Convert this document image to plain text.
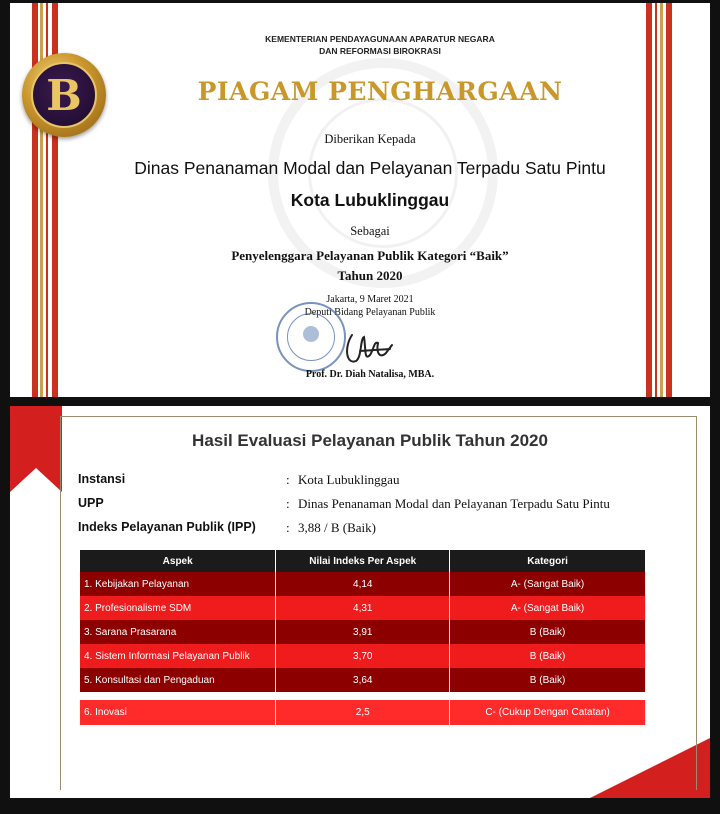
B
KEMENTERIAN PENDAYAGUNAAN APARATUR NEGARA
DAN REFORMASI BIROKRASI
PIAGAM PENGHARGAAN
Diberikan Kepada
Dinas Penanaman Modal dan Pelayanan Terpadu Satu Pintu
Kota Lubuklinggau
Sebagai
Penyelenggara Pelayanan Publik Kategori “Baik”
Tahun 2020
Jakarta, 9 Maret 2021
Deputi Bidang Pelayanan Publik
Prof. Dr. Diah Natalisa, MBA.
Hasil Evaluasi Pelayanan Publik Tahun 2020
Instansi	: Kota Lubuklinggau
UPP	: Dinas Penanaman Modal dan Pelayanan Terpadu Satu Pintu
Indeks Pelayanan Publik (IPP) : 3,88 / B (Baik)
Aspek	Nilai Indeks Per Aspek	Kategori
1. Kebijakan Pelayanan	4,14	A- (Sangat Baik)
2. Profesionalisme SDM	4,31	A- (Sangat Baik)
3. Sarana Prasarana	3,91	B (Baik)
4. Sistem Informasi Pelayanan Publik	3,70	B (Baik)
5. Konsultasi dan Pengaduan	3,64	B (Baik)

6. Inovasi	2,5	C- (Cukup Dengan Catatan)
